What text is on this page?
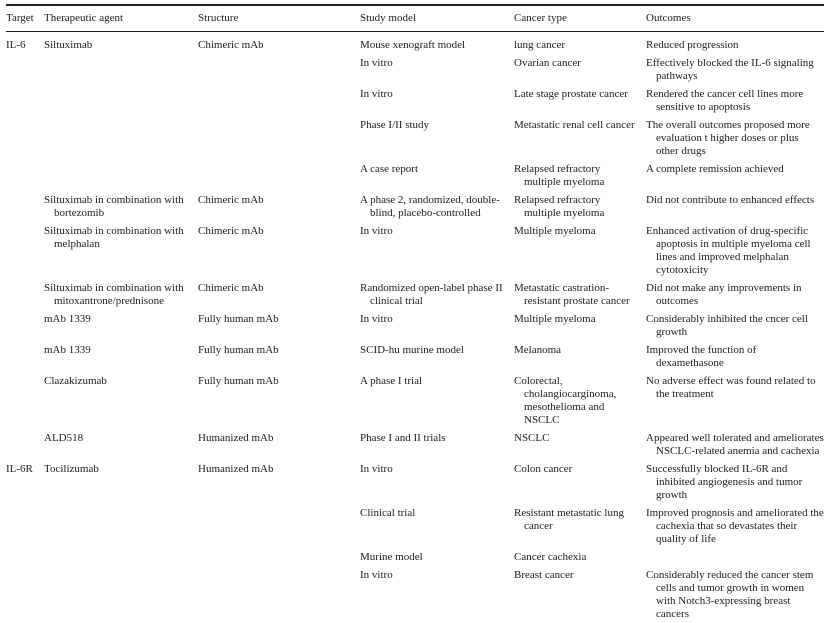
Target	Therapeutic agent	Structure	Study model	Cancer type	Outcomes

IL-6	Siltuximab	Chimeric mAb	Mouse xenograft model	lung cancer	Reduced progression

			In vitro	Ovarian cancer	Effectively blocked the IL-6 signaling pathways

			In vitro	Late stage prostate cancer	Rendered the cancer cell lines more sensitive to apoptosis

			Phase I/II study	Metastatic renal cell cancer	The overall outcomes proposed more evaluation t higher doses or plus other drugs

			A case report	Relapsed refractory multiple myeloma	A complete remission achieved

	Siltuximab in combination with bortezomib	Chimeric mAb	A phase 2, randomized, double-blind, placebo-controlled	Relapsed refractory multiple myeloma	Did not contribute to enhanced effects

	Siltuximab in combination with melphalan	Chimeric mAb	In vitro	Multiple myeloma	Enhanced activation of drug-specific apoptosis in multiple myeloma cell lines and improved melphalan cytotoxicity

	Siltuximab in combination with mitoxantrone/prednisone	Chimeric mAb	Randomized open-label phase II clinical trial	Metastatic castration-resistant prostate cancer	Did not make any improvements in outcomes

	mAb 1339	Fully human mAb	In vitro	Multiple myeloma	Considerably inhibited the cncer cell growth

	mAb 1339	Fully human mAb	SCID-hu murine model	Melanoma	Improved the function of dexamethasone

	Clazakizumab	Fully human mAb	A phase I trial	Colorectal, cholangiocarginoma, mesothelioma and NSCLC	No adverse effect was found related to the treatment

	ALD518	Humanized mAb	Phase I and II trials	NSCLC	Appeared well tolerated and ameliorates NSCLC-related anemia and cachexia

IL-6R	Tocilizumab	Humanized mAb	In vitro	Colon cancer	Successfully blocked IL-6R and inhibited angiogenesis and tumor growth

			Clinical trial	Resistant metastatic lung cancer	Improved prognosis and ameliorated the cachexia that so devastates their quality of life

			Murine model	Cancer cachexia	

			In vitro	Breast cancer	Considerably reduced the cancer stem cells and tumor growth in women with Notch3-expressing breast cancers
